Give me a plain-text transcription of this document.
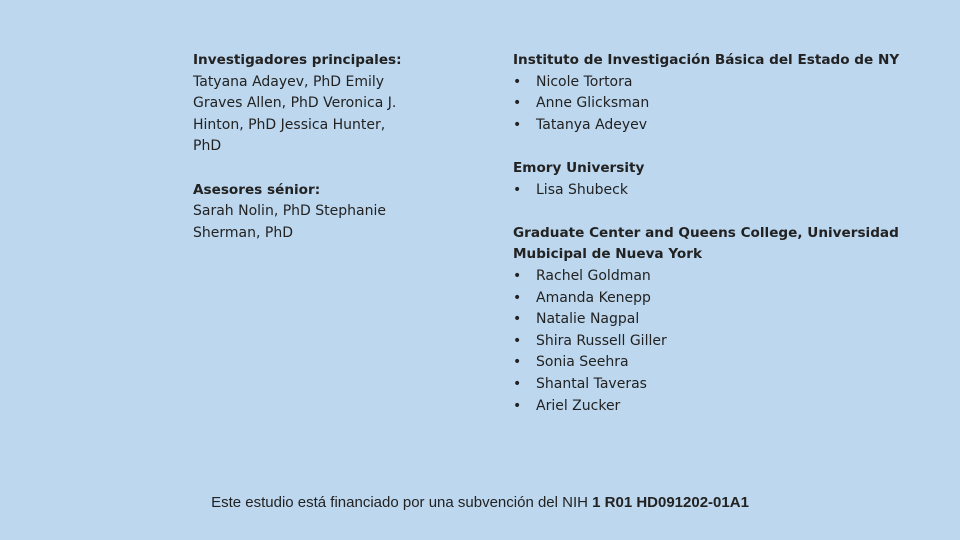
Investigadores principales:
Tatyana Adayev, PhD Emily Graves Allen, PhD Veronica J. Hinton, PhD Jessica Hunter, PhD
Asesores sénior:
Sarah Nolin, PhD Stephanie Sherman, PhD
Instituto de Investigación Básica del Estado de NY
• Nicole Tortora
• Anne Glicksman
• Tatanya Adeyev
Emory University
• Lisa Shubeck
Graduate Center and Queens College, Universidad Mubicipal de Nueva York
• Rachel Goldman
• Amanda Kenepp
• Natalie Nagpal
• Shira Russell Giller
• Sonia Seehra
• Shantal Taveras
• Ariel Zucker
Este estudio está financiado por una subvención del NIH 1 R01 HD091202-01A1
